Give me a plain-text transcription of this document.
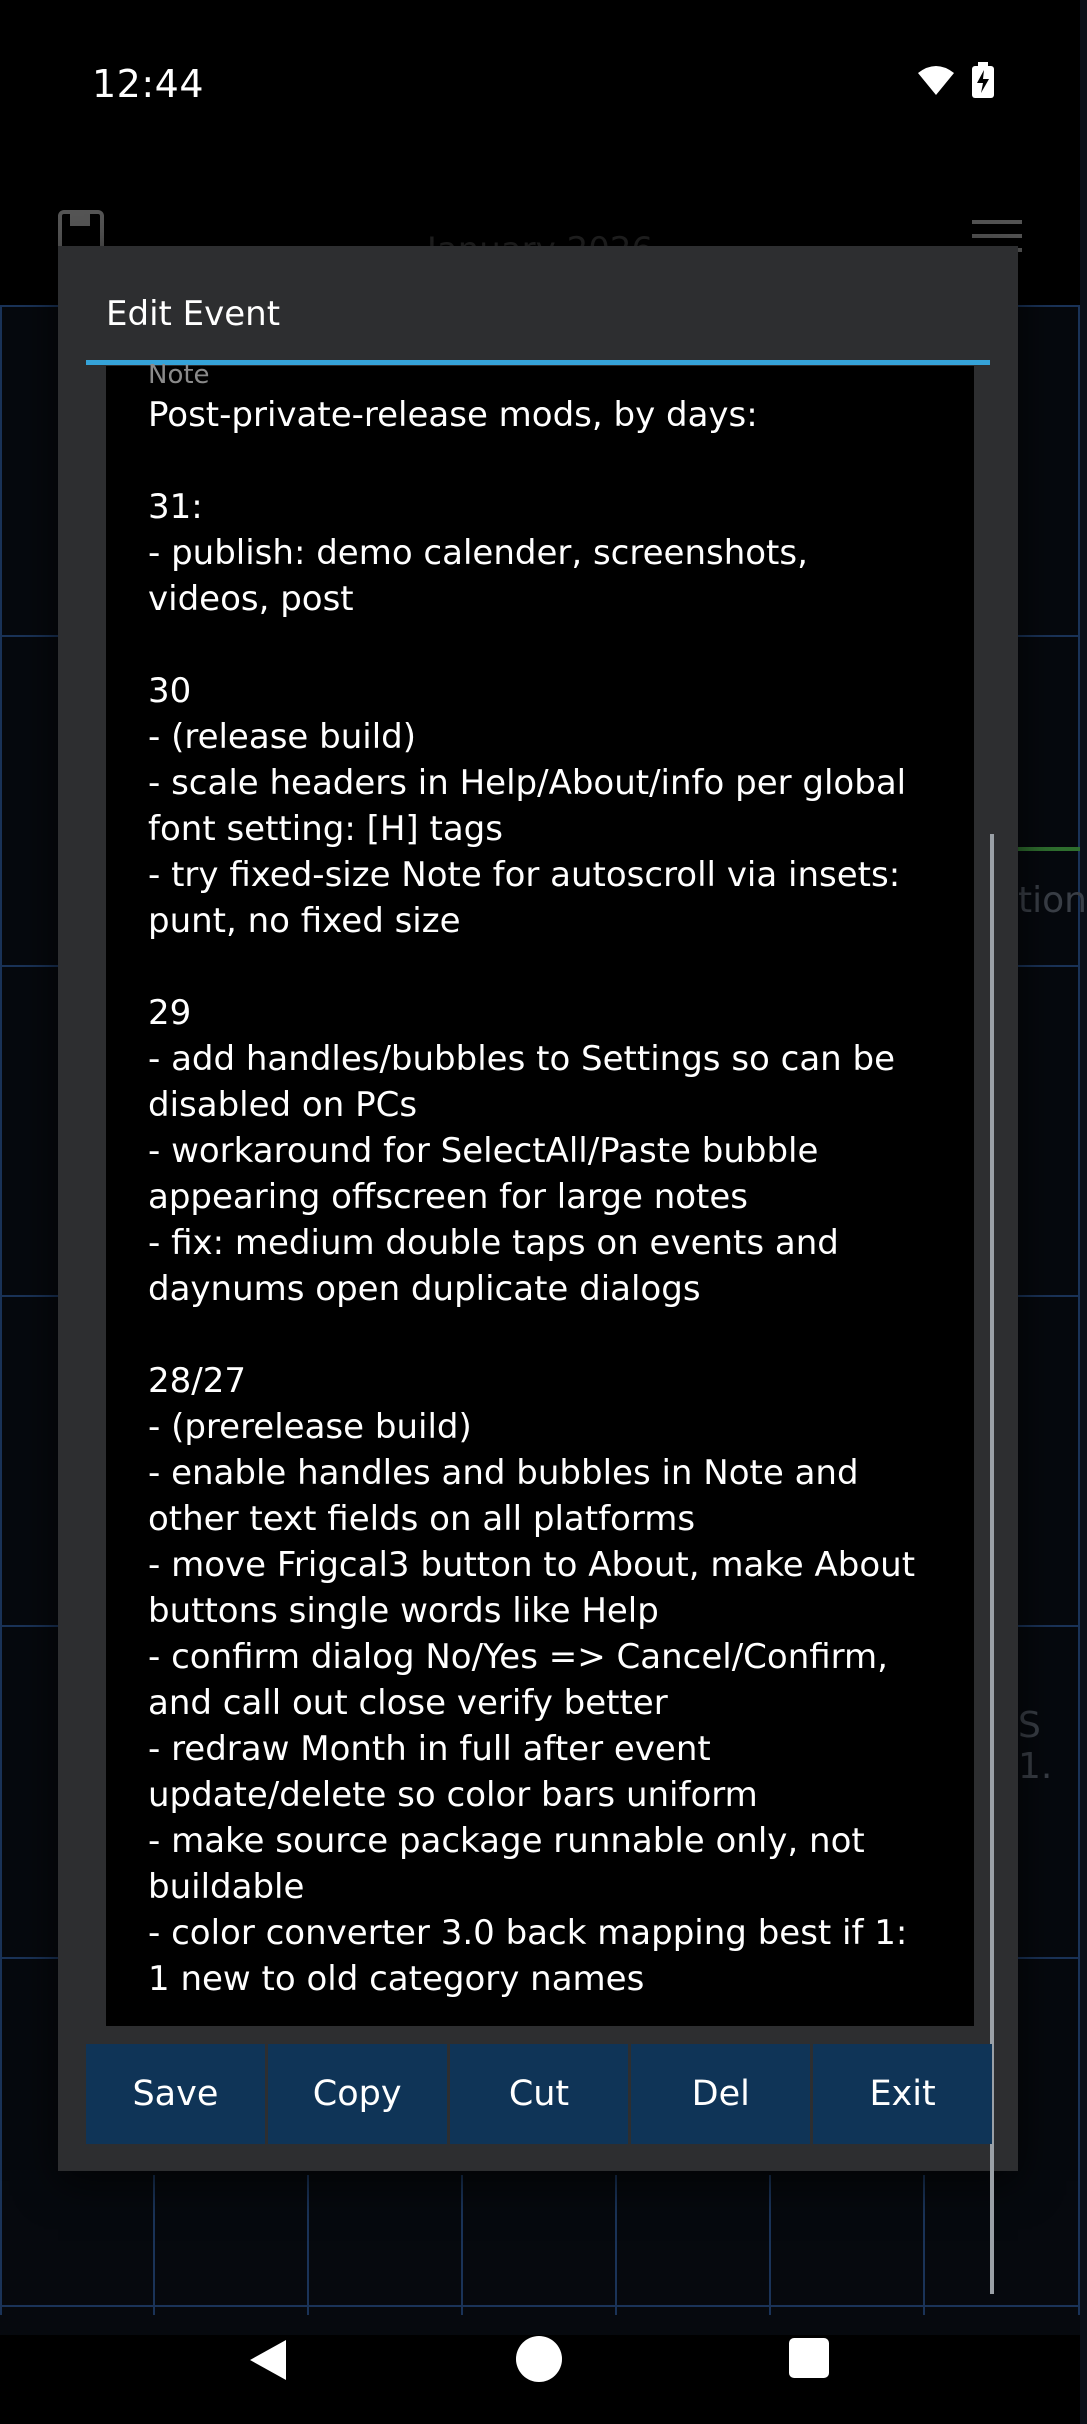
12:44
tion
S 1.
Edit Event
Note
Post-private-release mods, by days:

31:
- publish: demo calender, screenshots,
videos, post

30
- (release build)
- scale headers in Help/About/info per global
font setting: [H] tags
- try fixed-size Note for autoscroll via insets:
punt, no fixed size

29
- add handles/bubbles to Settings so can be
disabled on PCs
- workaround for SelectAll/Paste bubble
appearing offscreen for large notes
- fix: medium double taps on events and
daynums open duplicate dialogs

28/27
- (prerelease build)
- enable handles and bubbles in Note and
other text fields on all platforms
- move Frigcal3 button to About, make About
buttons single words like Help
- confirm dialog No/Yes => Cancel/Confirm,
and call out close verify better
- redraw Month in full after event
update/delete so color bars uniform
- make source package runnable only, not
buildable
- color converter 3.0 back mapping best if 1:
1 new to old category names
Save	Copy	Cut	Del	Exit
